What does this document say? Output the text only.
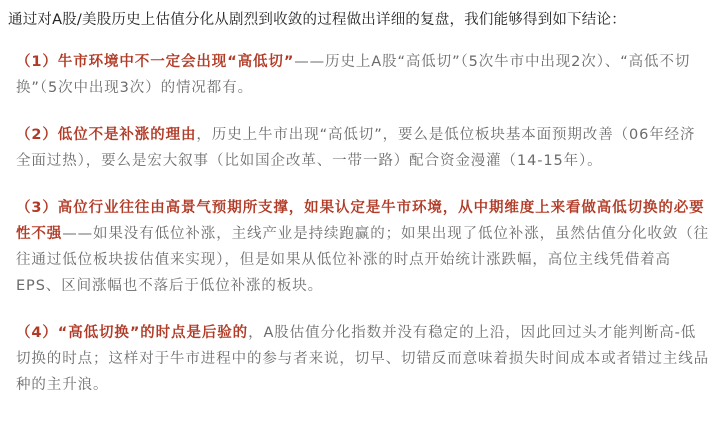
通过对A股/美股历史上估值分化从剧烈到收敛的过程做出详细的复盘，我们能够得到如下结论：

（1）牛市环境中不一定会出现“高低切”——历史上A股“高低切”（5次牛市中出现2次）、“高低不切换”（5次中出现3次）的情况都有。

（2）低位不是补涨的理由，历史上牛市出现“高低切”，要么是低位板块基本面预期改善（06年经济全面过热），要么是宏大叙事（比如国企改革、一带一路）配合资金漫灌（14-15年）。

（3）高位行业往往由高景气预期所支撑，如果认定是牛市环境，从中期维度上来看做高低切换的必要性不强——如果没有低位补涨，主线产业是持续跑赢的；如果出现了低位补涨，虽然估值分化收敛（往往通过低位板块拔估值来实现），但是如果从低位补涨的时点开始统计涨跌幅，高位主线凭借着高EPS、区间涨幅也不落后于低位补涨的板块。

（4）“高低切换”的时点是后验的，A股估值分化指数并没有稳定的上沿，因此回过头才能判断高-低切换的时点；这样对于牛市进程中的参与者来说，切早、切错反而意味着损失时间成本或者错过主线品种的主升浪。
